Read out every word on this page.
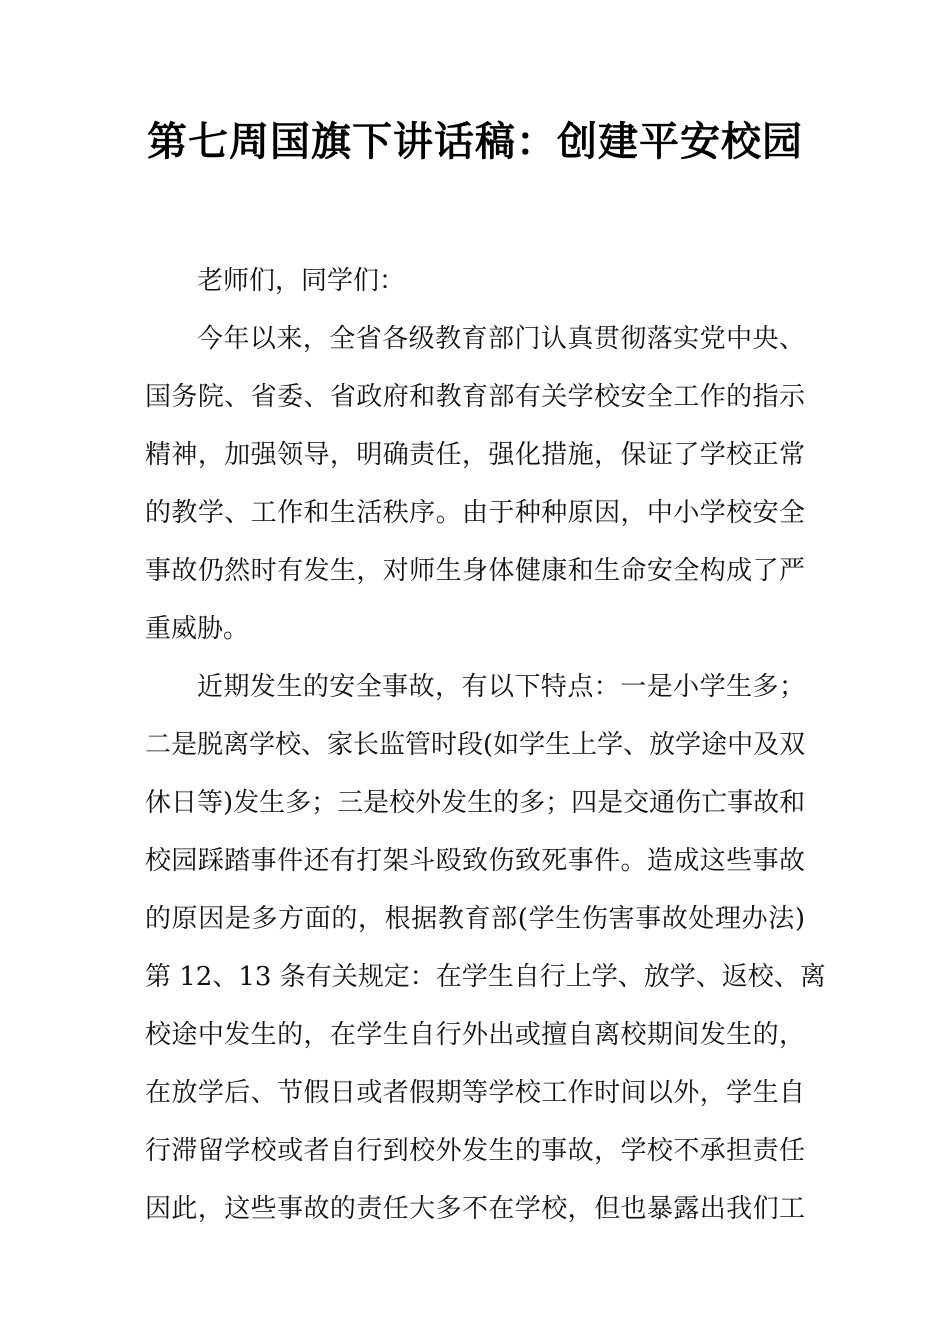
第七周国旗下讲话稿：创建平安校园
老师们，同学们：
今年以来，全省各级教育部门认真贯彻落实党中央、
国务院、省委、省政府和教育部有关学校安全工作的指示
精神，加强领导，明确责任，强化措施，保证了学校正常
的教学、工作和生活秩序。由于种种原因，中小学校安全
事故仍然时有发生，对师生身体健康和生命安全构成了严
重威胁。
近期发生的安全事故，有以下特点：一是小学生多；
二是脱离学校、家长监管时段(如学生上学、放学途中及双
休日等)发生多；三是校外发生的多；四是交通伤亡事故和
校园踩踏事件还有打架斗殴致伤致死事件。造成这些事故
的原因是多方面的，根据教育部(学生伤害事故处理办法)
第 12、13 条有关规定：在学生自行上学、放学、返校、离
校途中发生的，在学生自行外出或擅自离校期间发生的，
在放学后、节假日或者假期等学校工作时间以外，学生自
行滞留学校或者自行到校外发生的事故，学校不承担责任
因此，这些事故的责任大多不在学校，但也暴露出我们工
